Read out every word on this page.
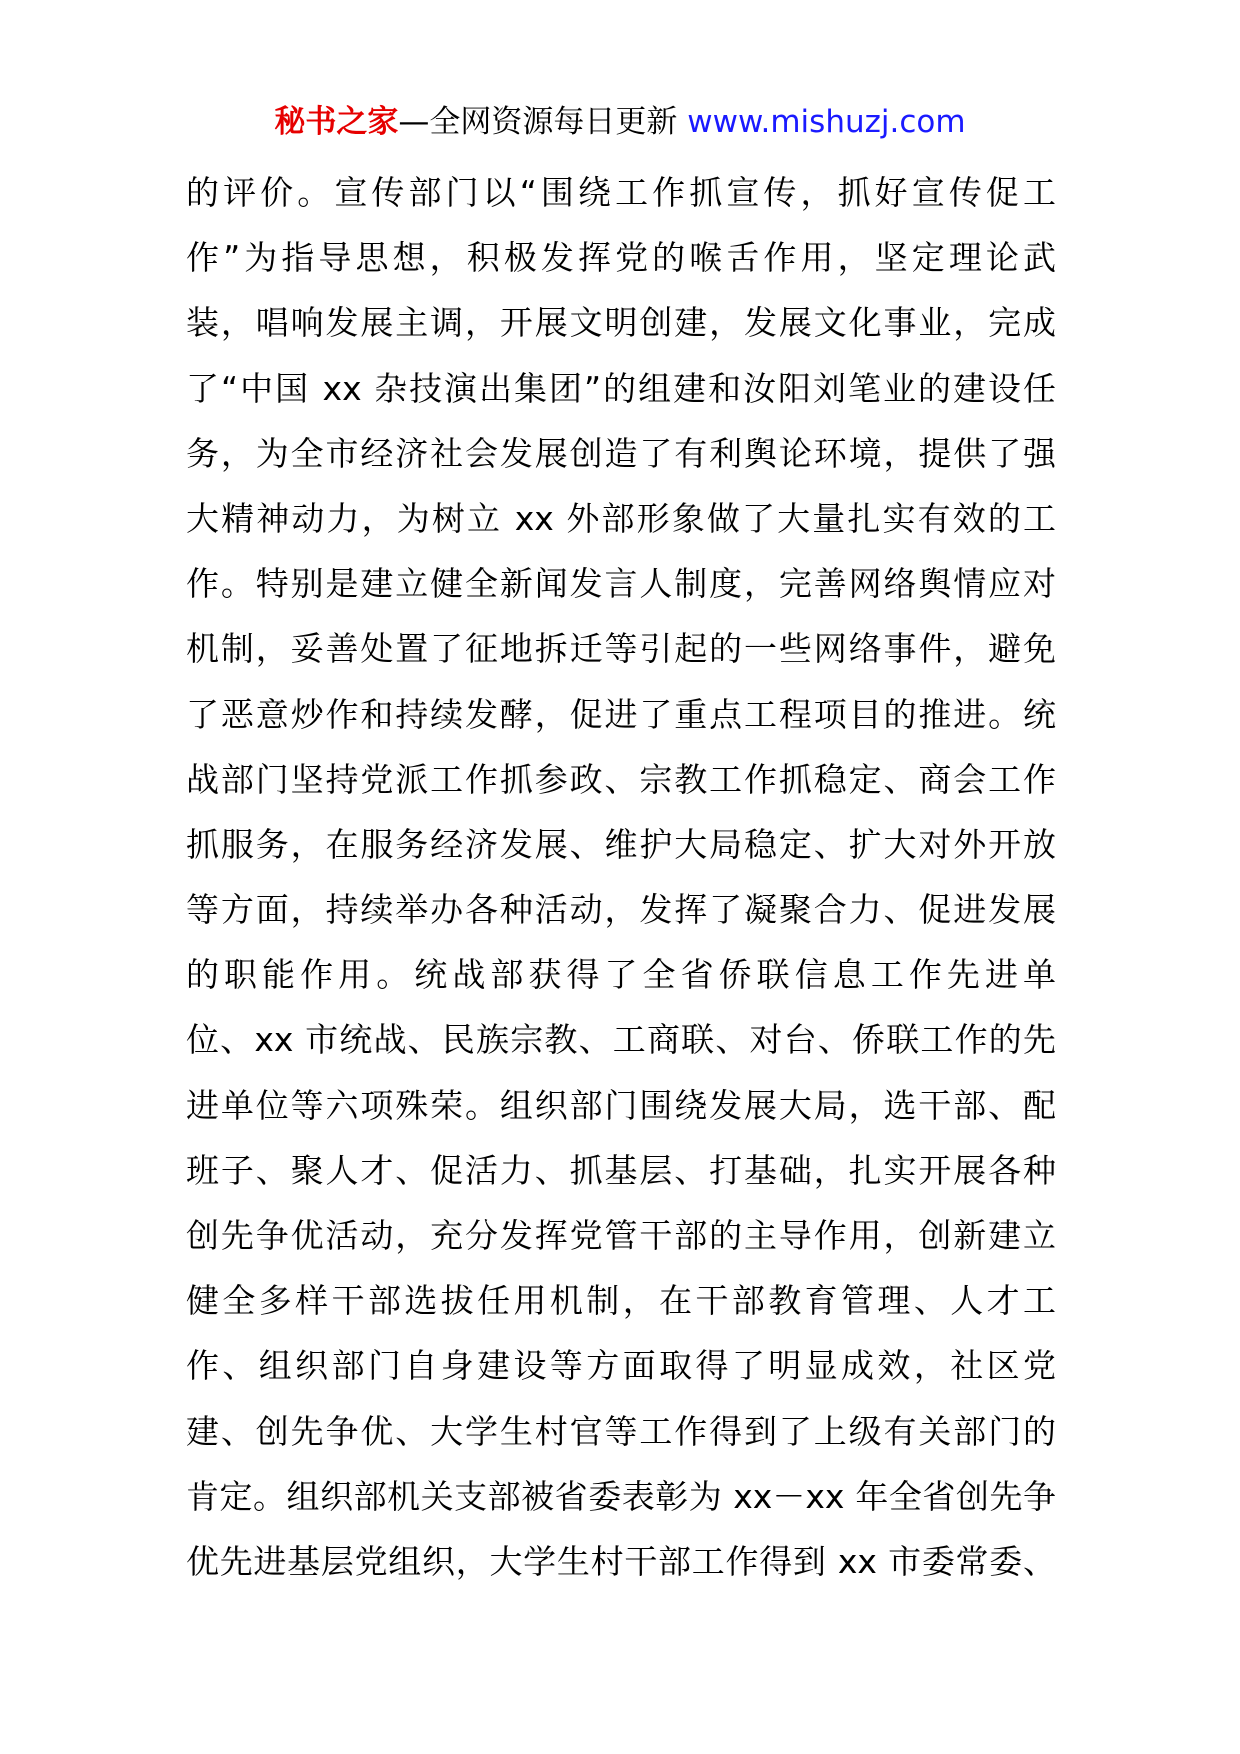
秘书之家—全网资源每日更新 www.mishuzj.com
的评价。宣传部门以“围绕工作抓宣传，抓好宣传促工
作”为指导思想，积极发挥党的喉舌作用，坚定理论武
装，唱响发展主调，开展文明创建，发展文化事业，完成
了“中国 xx 杂技演出集团”的组建和汝阳刘笔业的建设任
务，为全市经济社会发展创造了有利舆论环境，提供了强
大精神动力，为树立 xx 外部形象做了大量扎实有效的工
作。特别是建立健全新闻发言人制度，完善网络舆情应对
机制，妥善处置了征地拆迁等引起的一些网络事件，避免
了恶意炒作和持续发酵，促进了重点工程项目的推进。统
战部门坚持党派工作抓参政、宗教工作抓稳定、商会工作
抓服务，在服务经济发展、维护大局稳定、扩大对外开放
等方面，持续举办各种活动，发挥了凝聚合力、促进发展
的职能作用。统战部获得了全省侨联信息工作先进单
位、xx 市统战、民族宗教、工商联、对台、侨联工作的先
进单位等六项殊荣。组织部门围绕发展大局，选干部、配
班子、聚人才、促活力、抓基层、打基础，扎实开展各种
创先争优活动，充分发挥党管干部的主导作用，创新建立
健全多样干部选拔任用机制，在干部教育管理、人才工
作、组织部门自身建设等方面取得了明显成效，社区党
建、创先争优、大学生村官等工作得到了上级有关部门的
肯定。组织部机关支部被省委表彰为 xx－xx 年全省创先争
优先进基层党组织，大学生村干部工作得到 xx 市委常委、
